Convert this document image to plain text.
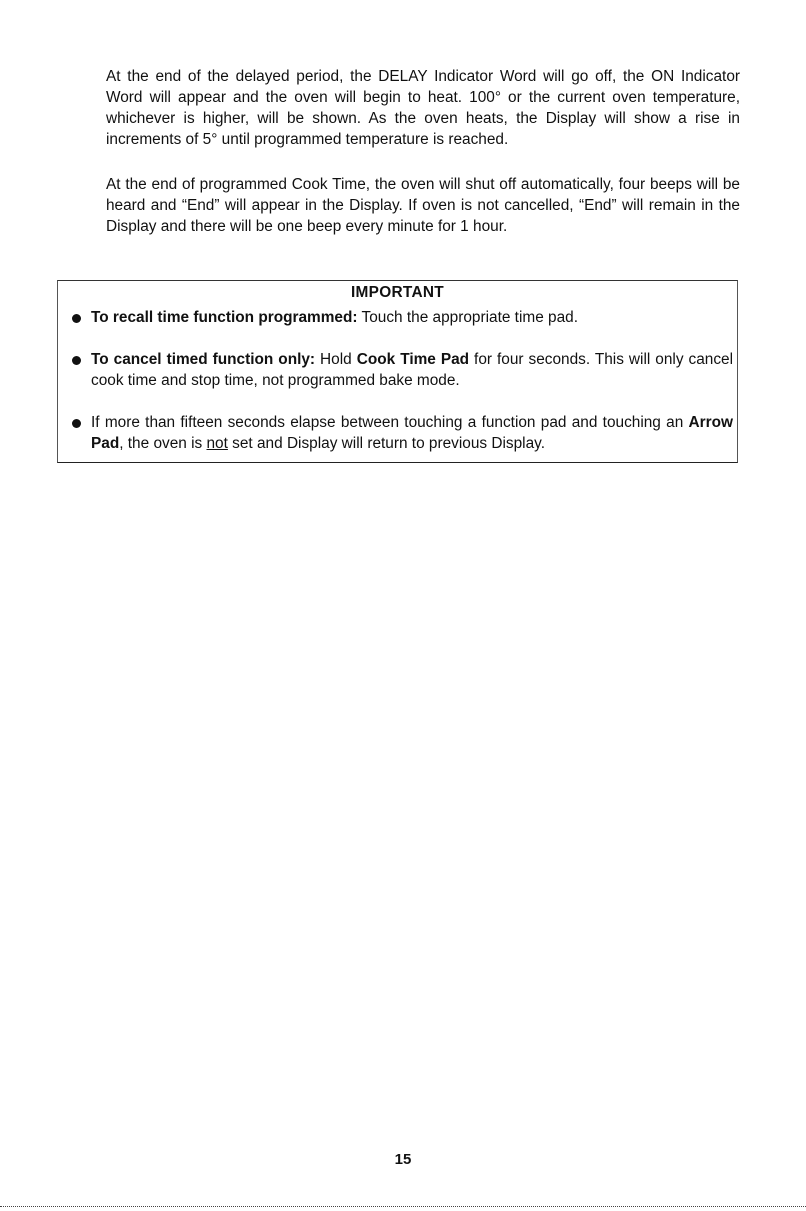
At the end of the delayed period, the DELAY Indicator Word will go off, the ON Indicator Word will appear and the oven will begin to heat. 100° or the current oven temperature, whichever is higher, will be shown. As the oven heats, the Display will show a rise in increments of 5° until programmed temperature is reached.

At the end of programmed Cook Time, the oven will shut off automatically, four beeps will be heard and “End” will appear in the Display. If oven is not cancelled, “End” will remain in the Display and there will be one beep every minute for 1 hour.

IMPORTANT

To recall time function programmed: Touch the appropriate time pad.

To cancel timed function only: Hold Cook Time Pad for four seconds. This will only cancel cook time and stop time, not programmed bake mode.

If more than fifteen seconds elapse between touching a function pad and touching an Arrow Pad, the oven is not set and Display will return to previous Display.

15
